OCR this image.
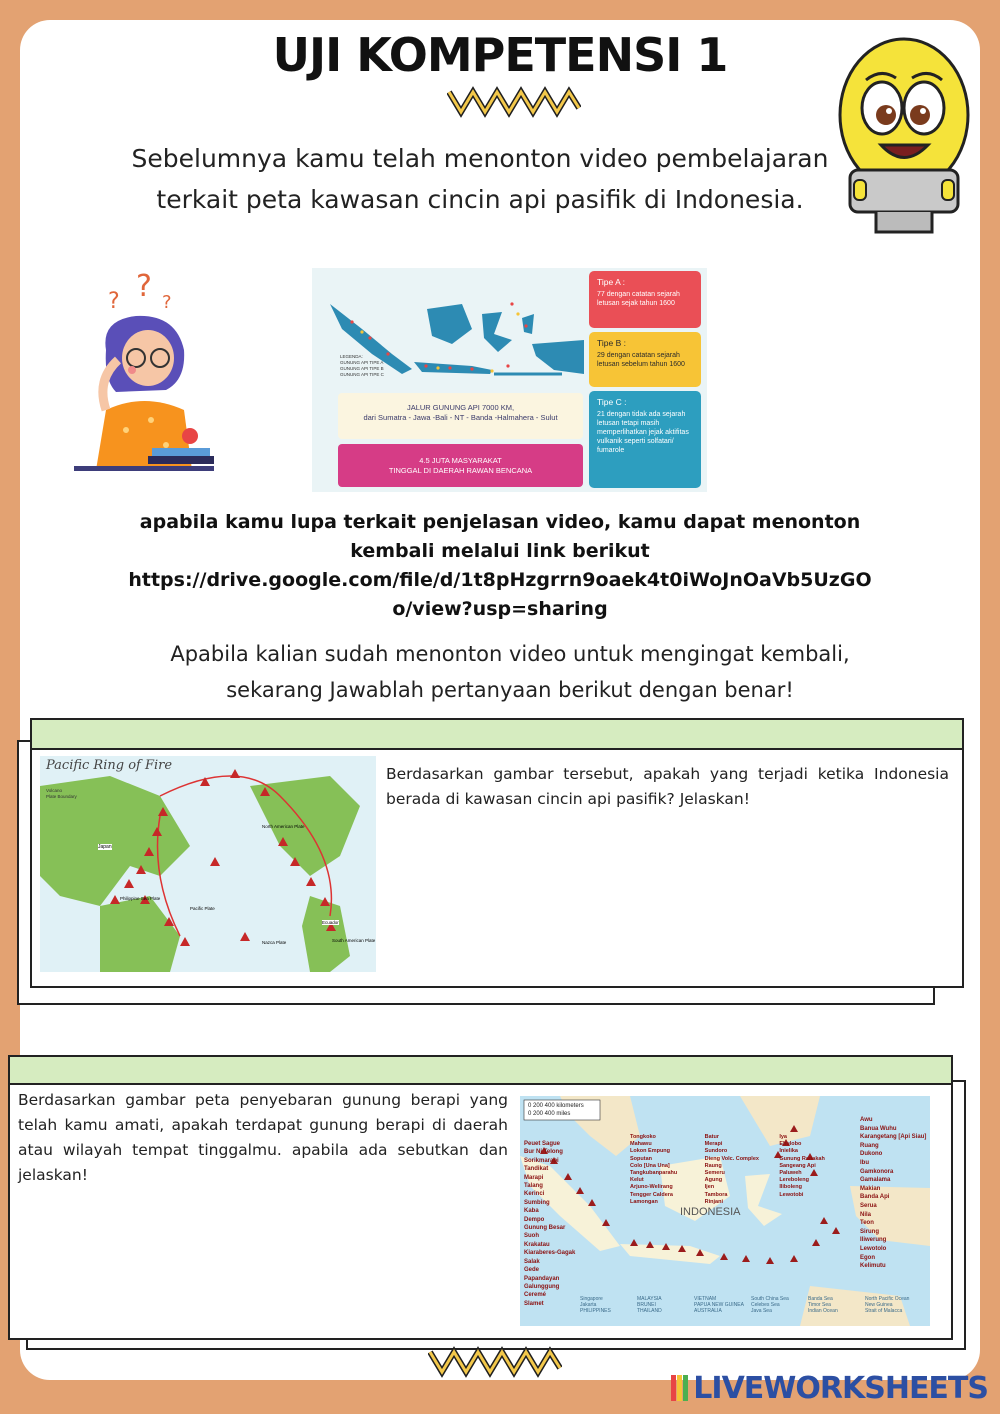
UJI KOMPETENSI 1
Sebelumnya kamu telah menonton video pembelajaran terkait peta kawasan cincin api pasifik di Indonesia.
? ? ?
LEGENDA:
GUNUNG API TIPE A
GUNUNG API TIPE B
GUNUNG API TIPE C
Tipe A :
77 dengan catatan sejarah letusan sejak tahun 1600
Tipe B :
29 dengan catatan sejarah letusan sebelum tahun 1600
Tipe C :
21 dengan tidak ada sejarah letusan tetapi masih memperlihatkan jejak aktifitas vulkanik seperti solfatari/ fumarole
JALUR GUNUNG API 7000 KM,
dari Sumatra - Jawa -Bali - NT - Banda -Halmahera - Sulut
4.5 JUTA MASYARAKAT
TINGGAL DI DAERAH RAWAN BENCANA
apabila kamu lupa terkait penjelasan video, kamu dapat menonton
kembali melalui link berikut
https://drive.google.com/file/d/1t8pHzgrrn9oaek4t0iWoJnOaVb5UzGO
o/view?usp=sharing
Apabila kalian sudah menonton video untuk mengingat kembali,
sekarang Jawablah pertanyaan berikut dengan benar!
Pacific Ring of Fire
Volcano
Plate Boundary
Japan
North American Plate
Pacific Plate
Philippine Sea Plate
Nazca Plate	South American Plate
Ecuador
Berdasarkan gambar tersebut, apakah yang terjadi ketika Indonesia berada di kawasan cincin api pasifik? Jelaskan!
Berdasarkan gambar peta penyebaran gunung berapi yang telah kamu amati, apakah terdapat gunung berapi di daerah atau wilayah tempat tinggalmu. apabila ada sebutkan dan jelaskan!
0 200 400 kilometers
0 200 400 miles
INDONESIA
Peuet Sague
Bur Ni Telong
Sorikmarapi
Tandikat
Marapi
Talang
Kerinci
Sumbing
Kaba
Dempo
Gunung Besar
Suoh
Krakatau
Kiaraberes-Gagak
Salak
Gede
Papandayan
Galunggung
Ceremé
Slamet
Awu
Banua Wuhu
Karangetang [Api Siau]
Ruang
Dukono
Ibu
Gamkonora
Gamalama
Makian
Banda Api
Serua
Nila
Teon
Sirung
Iliwerung
Lewotolo
Egon
Kelimutu
Tongkoko
Mahawu
Lokon Empung
Soputan
Colo [Una Una]
Tangkubanparahu
Kelut
Arjuno-Welirang
Tengger Caldera
Lamongan
Batur
Merapi
Sundoro
Dieng Volc. Complex
Raung
Semeru
Agung
Ijen
Tambora
Rinjani
Iya
Ebulobo
Inielika
Gunung Ranakah
Sangeang Api
Paluweh
Lereboleng
Iliboleng
Lewotobi
Singapore
Jakarta
PHILIPPINES
MALAYSIA
BRUNEI
THAILAND
VIETNAM
PAPUA NEW GUINEA
AUSTRALIA
South China Sea
Celebes Sea
Java Sea
Banda Sea
Timor Sea
Indian Ocean
North Pacific Ocean
New Guinea
Strait of Malacca
LIVEWORKSHEETS
